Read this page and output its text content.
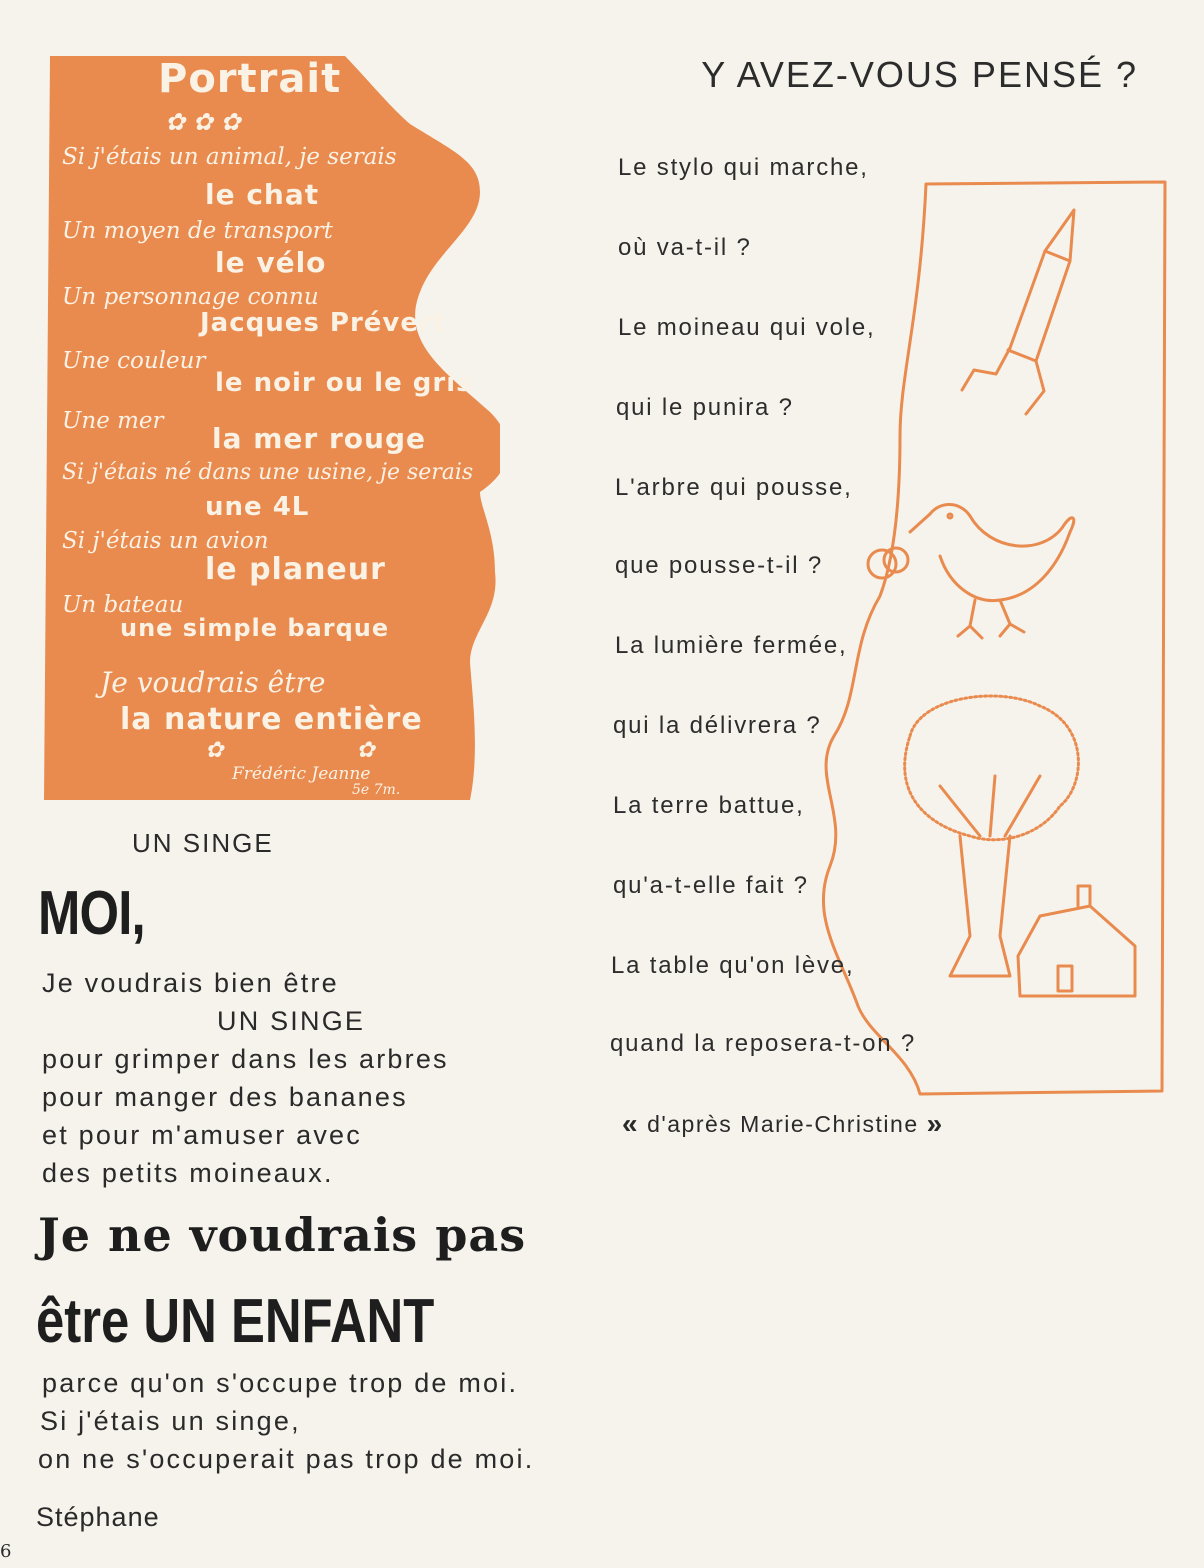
Portrait
✿ ✿ ✿
Si j'étais un animal, je serais
le chat
Un moyen de transport
le vélo
Un personnage connu
Jacques Prévert
Une couleur
le noir ou le gris
Une mer
la mer rouge
Si j'étais né dans une usine, je serais
une 4L
Si j'étais un avion
le planeur
Un bateau
une simple barque
Je voudrais être
la nature entière
✿                   ✿
Frédéric Jeanne
5e 7m.
Y AVEZ-VOUS PENSÉ ?
Le stylo qui marche,
où va-t-il ?
Le moineau qui vole,
qui le punira ?
L'arbre qui pousse,
que pousse-t-il ?
La lumière fermée,
qui la délivrera ?
La terre battue,
qu'a-t-elle fait ?
La table qu'on lève,
quand la reposera-t-on ?
« d'après Marie-Christine »
UN SINGE
MOI,
Je voudrais bien être
UN SINGE
pour grimper dans les arbres
pour manger des bananes
et pour m'amuser avec
des petits moineaux.
Je ne voudrais pas
être UN ENFANT
parce qu'on s'occupe trop de moi.
Si j'étais un singe,
on ne s'occuperait pas trop de moi.
Stéphane
6
